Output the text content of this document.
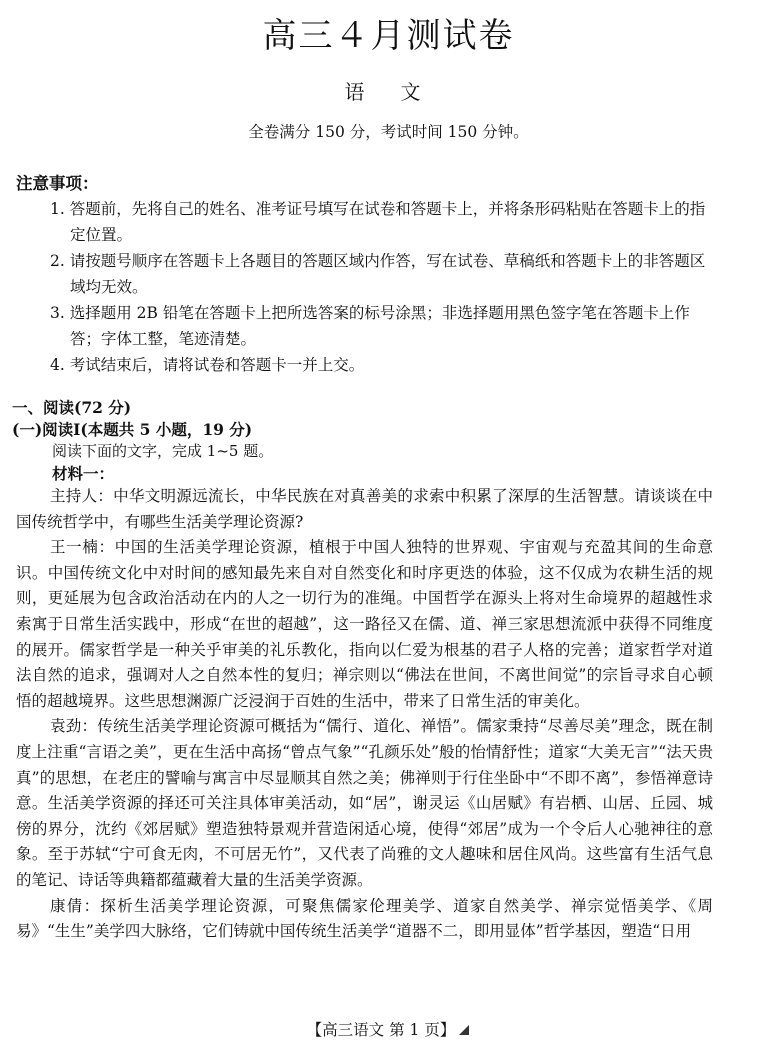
高三４月测试卷
语文
全卷满分 150 分，考试时间 150 分钟。
注意事项：
1. 答题前，先将自己的姓名、准考证号填写在试卷和答题卡上，并将条形码粘贴在答题卡上的指定位置。
2. 请按题号顺序在答题卡上各题目的答题区域内作答，写在试卷、草稿纸和答题卡上的非答题区域均无效。
3. 选择题用 2B 铅笔在答题卡上把所选答案的标号涂黑；非选择题用黑色签字笔在答题卡上作答；字体工整，笔迹清楚。
4. 考试结束后，请将试卷和答题卡一并上交。
一、阅读(72 分)
(一)阅读Ⅰ(本题共 5 小题，19 分)
阅读下面的文字，完成 1~5 题。
材料一：

主持人：中华文明源远流长，中华民族在对真善美的求索中积累了深厚的生活智慧。请谈谈在中国传统哲学中，有哪些生活美学理论资源?

王一楠：中国的生活美学理论资源，植根于中国人独特的世界观、宇宙观与充盈其间的生命意识。中国传统文化中对时间的感知最先来自对自然变化和时序更迭的体验，这不仅成为农耕生活的规则，更延展为包含政治活动在内的人之一切行为的准绳。中国哲学在源头上将对生命境界的超越性求索寓于日常生活实践中，形成“在世的超越”，这一路径又在儒、道、禅三家思想流派中获得不同维度的展开。儒家哲学是一种关乎审美的礼乐教化，指向以仁爱为根基的君子人格的完善；道家哲学对道法自然的追求，强调对人之自然本性的复归；禅宗则以“佛法在世间，不离世间觉”的宗旨寻求自心顿悟的超越境界。这些思想渊源广泛浸润于百姓的生活中，带来了日常生活的审美化。

袁劲：传统生活美学理论资源可概括为“儒行、道化、禅悟”。儒家秉持“尽善尽美”理念，既在制度上注重“言语之美”，更在生活中高扬“曾点气象”“孔颜乐处”般的怡情舒性；道家“大美无言”“法天贵真”的思想，在老庄的譬喻与寓言中尽显顺其自然之美；佛禅则于行住坐卧中“不即不离”，参悟禅意诗意。生活美学资源的择还可关注具体审美活动，如“居”，谢灵运《山居赋》有岩栖、山居、丘园、城傍的界分，沈约《郊居赋》塑造独特景观并营造闲适心境，使得“郊居”成为一个令后人心驰神往的意象。至于苏轼“宁可食无肉，不可居无竹”，又代表了尚雅的文人趣味和居住风尚。这些富有生活气息的笔记、诗话等典籍都蕴藏着大量的生活美学资源。

康倩：探析生活美学理论资源，可聚焦儒家伦理美学、道家自然美学、禅宗觉悟美学、《周易》“生生”美学四大脉络，它们铸就中国传统生活美学“道器不二，即用显体”哲学基因，塑造“日用

【高三语文 第 1 页】
